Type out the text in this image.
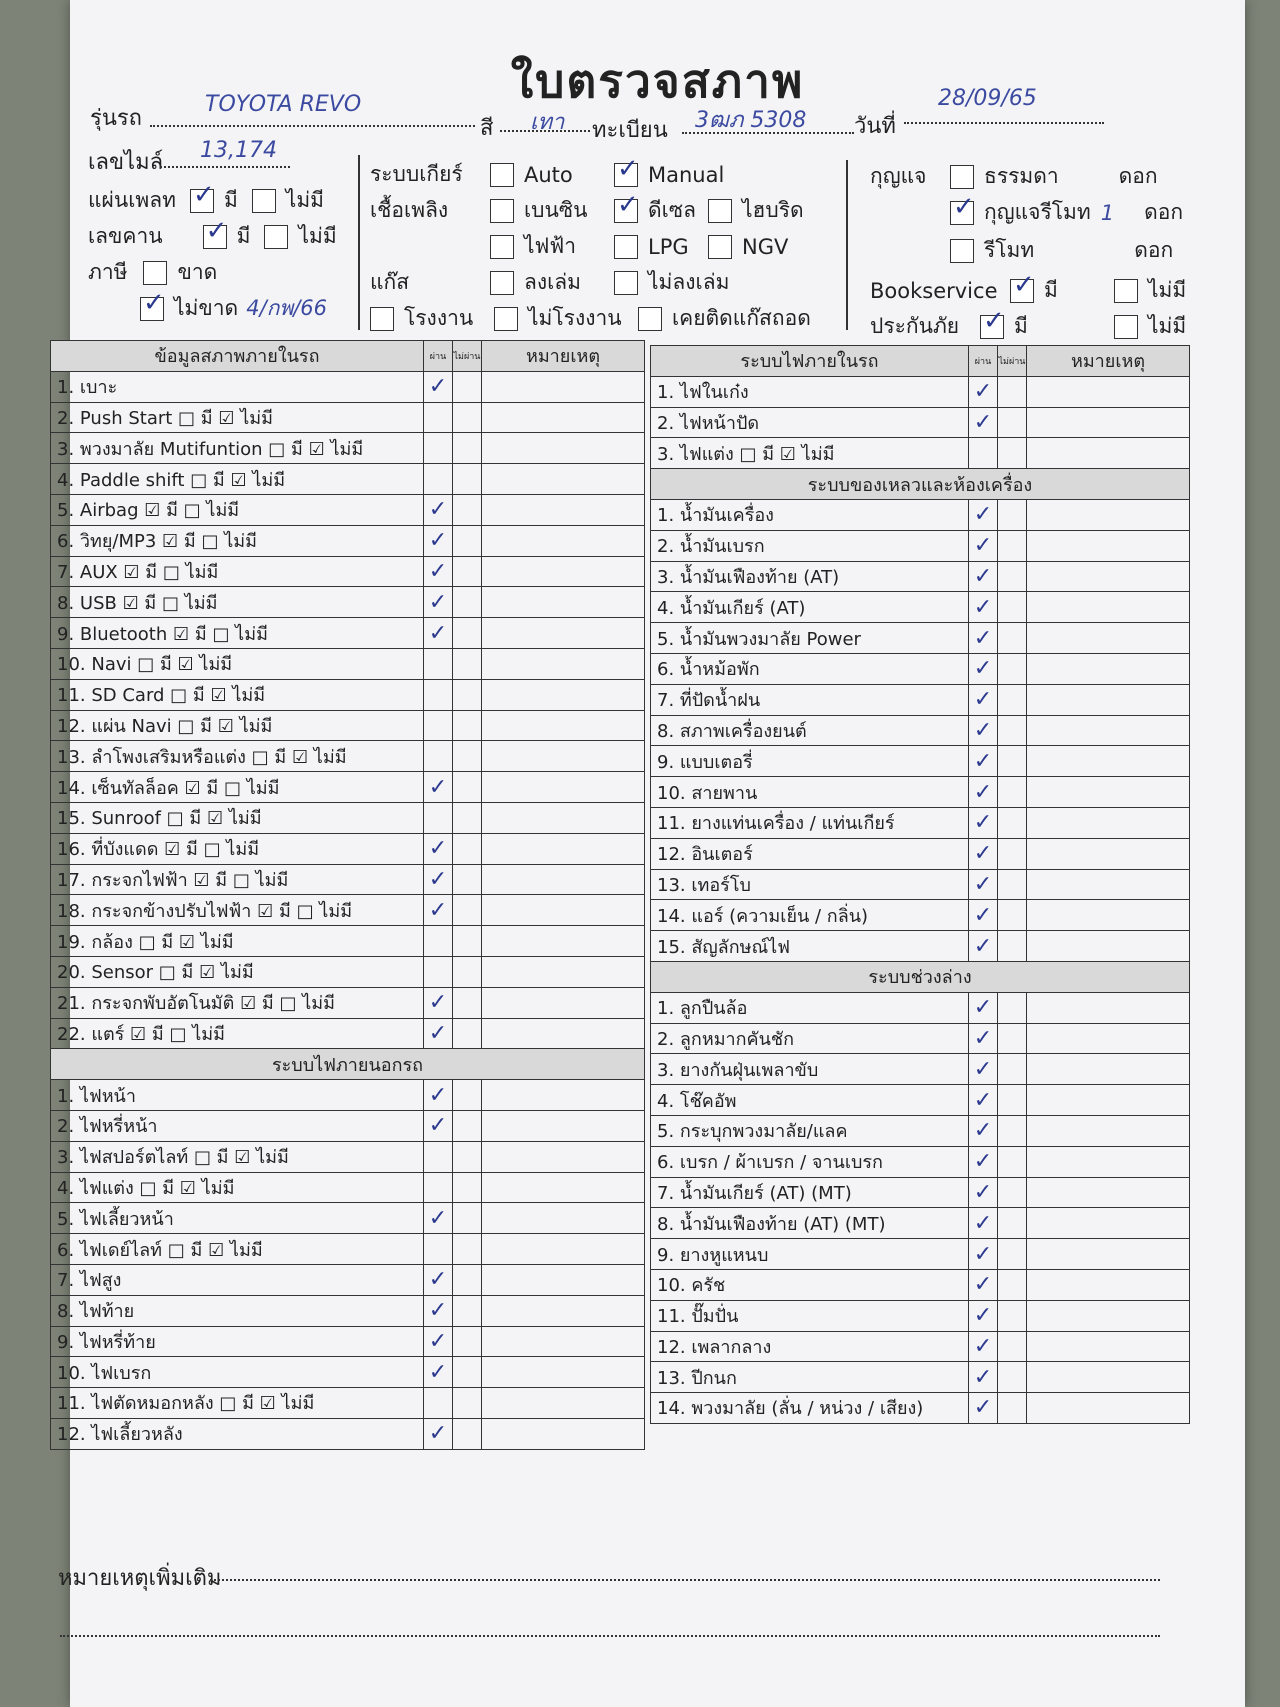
ใบตรวจสภาพ
รุ่นรถ
TOYOTA REVO
สี เทา ทะเบียน 3ฒภ 5308 วันที่
28/09/65
เลขไมล์ 13,174
แผ่นเพลท ✓ มี ไม่มี
เลขคาน ✓	มี ไม่มี
ภาษี ขาด
✓
ไม่ขาด 4/กพ/66
ระบบเกียร์	Auto ✓	Manual
เชื้อเพลิง	เบนซิน ✓	ดีเซล	ไฮบริด
ไฟฟ้า	LPG	NGV
แก๊ส	ลงเล่ม	ไม่ลงเล่ม
โรงงาน	ไม่โรงงาน	เคยติดแก๊สถอด
กุญแจ	ธรรมดา	ดอก
✓
กุญแจรีโมท 1 ดอก
รีโมท	ดอก
Bookservice ✓	มี	ไม่มี
ประกันภัย ✓	มี	ไม่มี
ข้อมูลสภาพภายในรถ	ผ่าน	ไม่ผ่าน	หมายเหตุ
1. เบาะ	✓		
2. Push Start □ มี ☑ ไม่มี			
3. พวงมาลัย Mutifuntion □ มี ☑ ไม่มี			
4. Paddle shift □ มี ☑ ไม่มี			
5. Airbag ☑ มี □ ไม่มี	✓		
6. วิทยุ/MP3 ☑ มี □ ไม่มี	✓		
7. AUX ☑ มี □ ไม่มี	✓		
8. USB ☑ มี □ ไม่มี	✓		
9. Bluetooth ☑ มี □ ไม่มี	✓		
10. Navi □ มี ☑ ไม่มี			
11. SD Card □ มี ☑ ไม่มี			
12. แผ่น Navi □ มี ☑ ไม่มี			
13. ลำโพงเสริมหรือแต่ง □ มี ☑ ไม่มี			
14. เซ็นทัลล็อค ☑ มี □ ไม่มี	✓		
15. Sunroof □ มี ☑ ไม่มี			
16. ที่บังแดด ☑ มี □ ไม่มี	✓		
17. กระจกไฟฟ้า ☑ มี □ ไม่มี	✓		
18. กระจกข้างปรับไฟฟ้า ☑ มี □ ไม่มี	✓		
19. กล้อง □ มี ☑ ไม่มี			
20. Sensor □ มี ☑ ไม่มี			
21. กระจกพับอัตโนมัติ ☑ มี □ ไม่มี	✓		
22. แตร์ ☑ มี □ ไม่มี	✓		
ระบบไฟภายนอกรถ			
1. ไฟหน้า	✓		
2. ไฟหรี่หน้า	✓		
3. ไฟสปอร์ตไลท์ □ มี ☑ ไม่มี			
4. ไฟแต่ง □ มี ☑ ไม่มี			
5. ไฟเลี้ยวหน้า	✓		
6. ไฟเดย์ไลท์ □ มี ☑ ไม่มี			
7. ไฟสูง	✓		
8. ไฟท้าย	✓		
9. ไฟหรี่ท้าย	✓		
10. ไฟเบรก	✓		
11. ไฟตัดหมอกหลัง □ มี ☑ ไม่มี			
12. ไฟเลี้ยวหลัง	✓		
ระบบไฟภายในรถ	ผ่าน	ไม่ผ่าน	หมายเหตุ
1. ไฟในเก๋ง	✓		
2. ไฟหน้าปัด	✓		
3. ไฟแต่ง □ มี ☑ ไม่มี			
ระบบของเหลวและห้องเครื่อง			
1. น้ำมันเครื่อง	✓		
2. น้ำมันเบรก	✓		
3. น้ำมันเฟืองท้าย (AT)	✓		
4. น้ำมันเกียร์ (AT)	✓		
5. น้ำมันพวงมาลัย Power	✓		
6. น้ำหม้อพัก	✓		
7. ที่ปัดน้ำฝน	✓		
8. สภาพเครื่องยนต์	✓		
9. แบบเตอรี่	✓		
10. สายพาน	✓		
11. ยางแท่นเครื่อง / แท่นเกียร์	✓		
12. อินเตอร์	✓		
13. เทอร์โบ	✓		
14. แอร์ (ความเย็น / กลิ่น)	✓		
15. สัญลักษณ์ไฟ	✓		
ระบบช่วงล่าง			
1. ลูกปืนล้อ	✓		
2. ลูกหมากคันชัก	✓		
3. ยางกันฝุ่นเพลาขับ	✓		
4. โช๊คอัพ	✓		
5. กระบุกพวงมาลัย/แลค	✓		
6. เบรก / ผ้าเบรก / จานเบรก	✓		
7. น้ำมันเกียร์ (AT) (MT)	✓		
8. น้ำมันเฟืองท้าย (AT) (MT)	✓		
9. ยางหูแหนบ	✓		
10. ครัช	✓		
11. ปั๊มปั่น	✓		
12. เพลากลาง	✓		
13. ปีกนก	✓		
14. พวงมาลัย (ลั่น / หน่วง / เสียง)	✓		
หมายเหตุเพิ่มเติม
